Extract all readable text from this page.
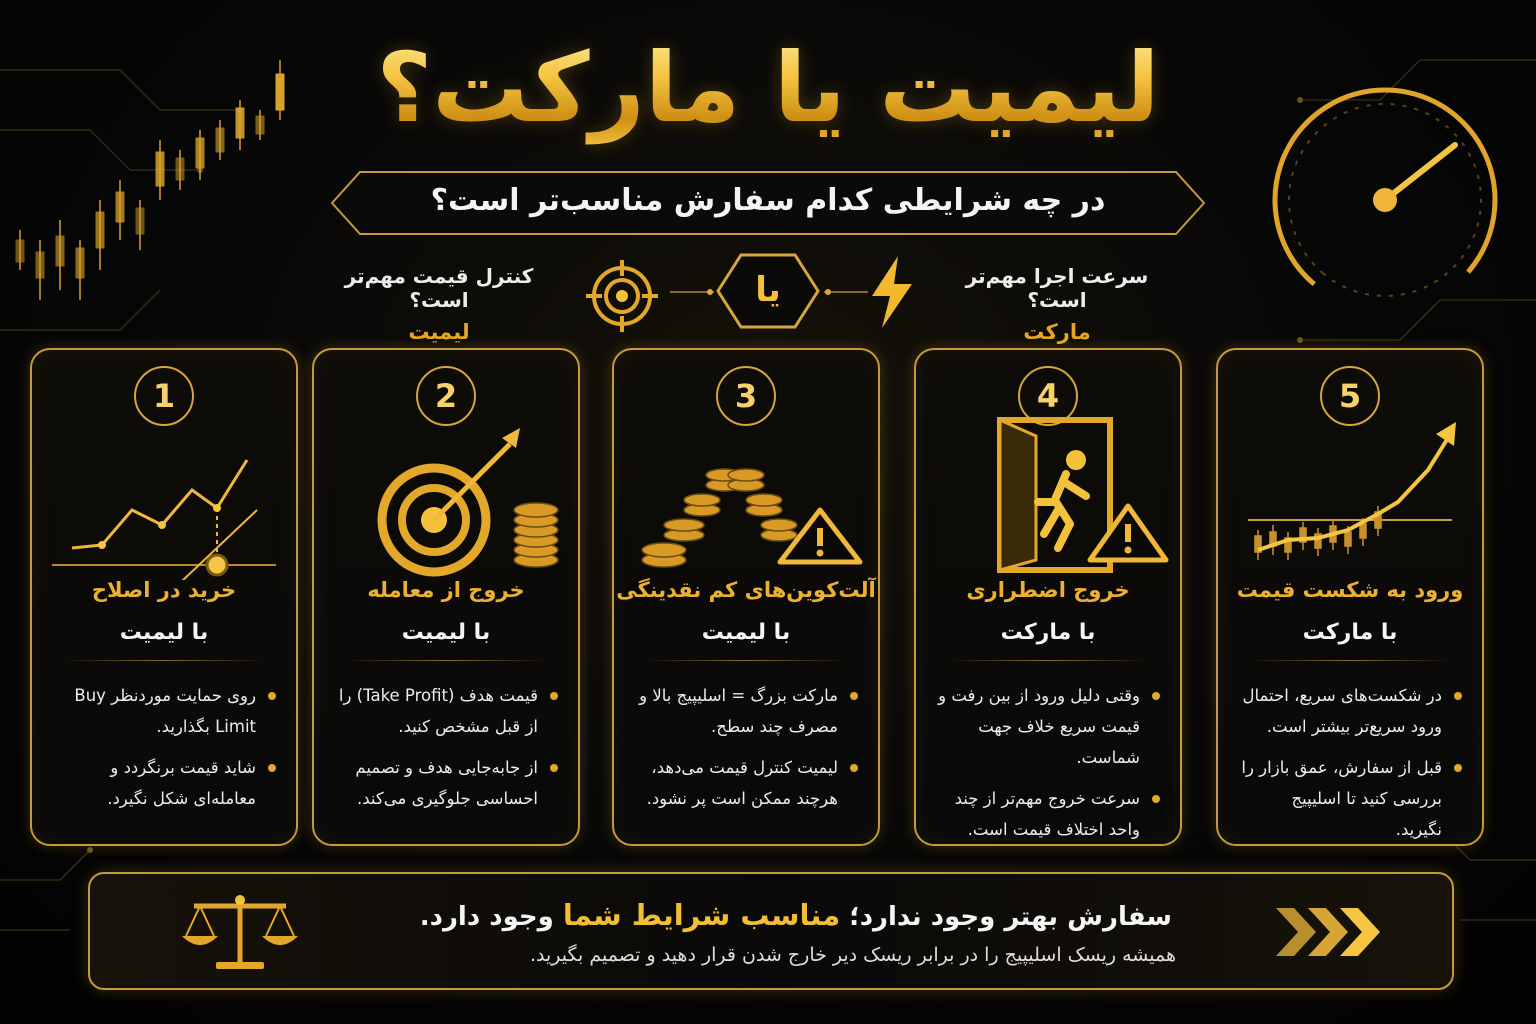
لیمیت یا مارکت؟
در چه شرایطی کدام سفارش مناسب‌تر است؟
کنترل قیمت مهم‌تر است؟
لیمیت
یا	سرعت اجرا مهم‌تر است؟
مارکت
1
خرید در اصلاح
با لیمیت
روی حمایت موردنظر Buy Limit بگذارید.
شاید قیمت برنگردد و معامله‌ای شکل نگیرد.
2
خروج از معامله
با لیمیت
قیمت هدف (Take Profit) را از قبل مشخص کنید.
از جابه‌جایی هدف و تصمیم احساسی جلوگیری می‌کند.
3
آلت‌کوین‌های کم نقدینگی
با لیمیت
مارکت بزرگ = اسلیپیج بالا و مصرف چند سطح.
لیمیت کنترل قیمت می‌دهد، هرچند ممکن است پر نشود.
4
خروج اضطراری
با مارکت
وقتی دلیل ورود از بین رفت و قیمت سریع خلاف جهت شماست.
سرعت خروج مهم‌تر از چند واحد اختلاف قیمت است.
5
ورود به شکست قیمت
با مارکت
در شکست‌های سریع، احتمال ورود سریع‌تر بیشتر است.
قبل از سفارش، عمق بازار را بررسی کنید تا اسلیپیج نگیرید.
سفارش بهتر وجود ندارد؛ مناسب شرایط شما وجود دارد.
همیشه ریسک اسلیپیج را در برابر ریسک دیر خارج شدن قرار دهید و تصمیم بگیرید.
